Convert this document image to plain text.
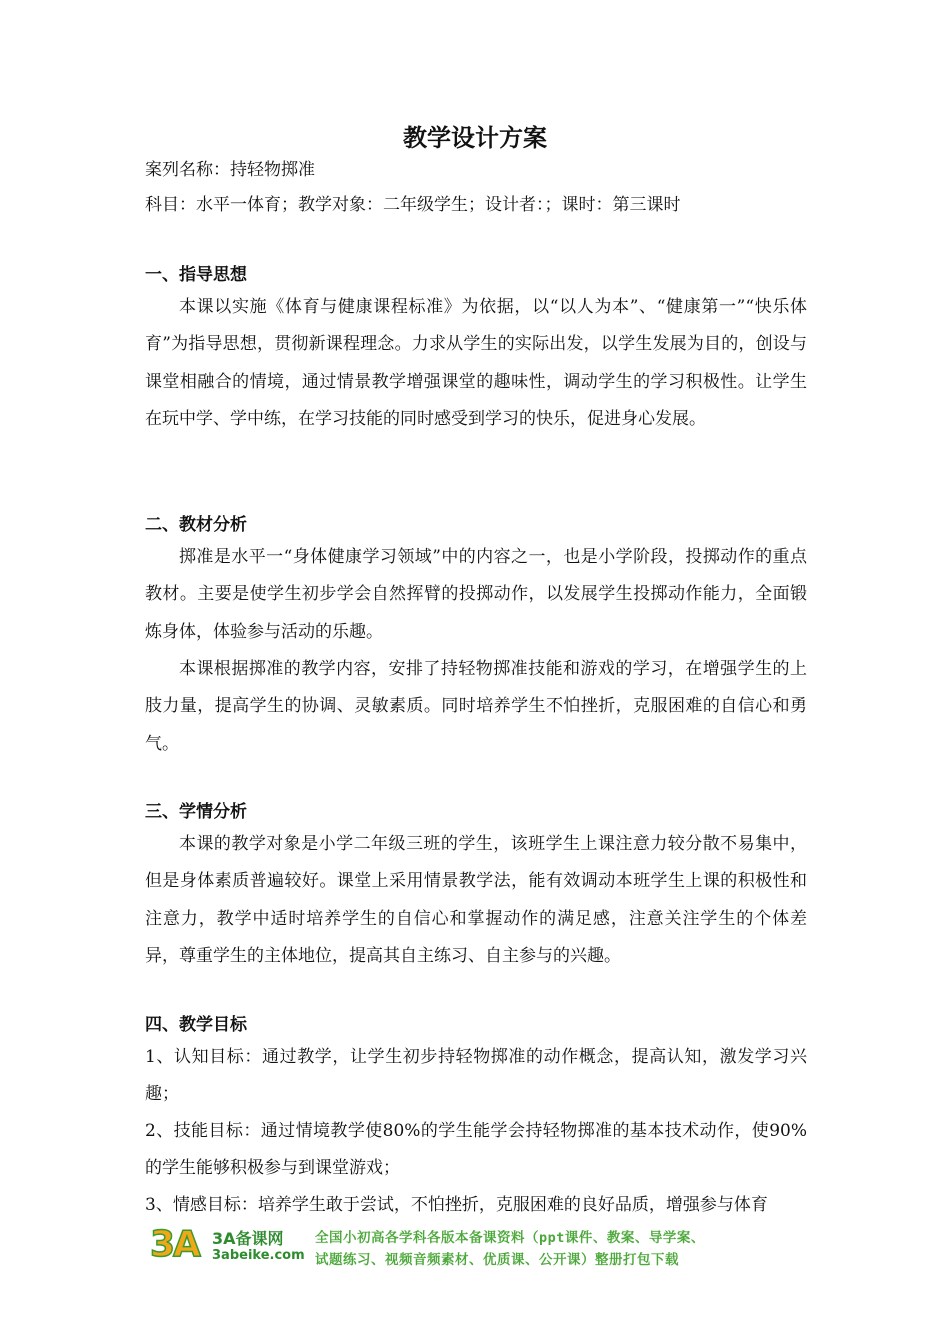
教学设计方案
案列名称：持轻物掷准
科目：水平一体育；教学对象：二年级学生；设计者：；课时：第三课时
一、指导思想
本课以实施《体育与健康课程标准》为依据，以“以人为本”、“健康第一”“快乐体育”为指导思想，贯彻新课程理念。力求从学生的实际出发，以学生发展为目的，创设与课堂相融合的情境，通过情景教学增强课堂的趣味性，调动学生的学习积极性。让学生在玩中学、学中练，在学习技能的同时感受到学习的快乐，促进身心发展。
二、教材分析
掷准是水平一“身体健康学习领域”中的内容之一，也是小学阶段，投掷动作的重点教材。主要是使学生初步学会自然挥臂的投掷动作，以发展学生投掷动作能力，全面锻炼身体，体验参与活动的乐趣。
本课根据掷准的教学内容，安排了持轻物掷准技能和游戏的学习，在增强学生的上肢力量，提高学生的协调、灵敏素质。同时培养学生不怕挫折，克服困难的自信心和勇气。
三、学情分析
本课的教学对象是小学二年级三班的学生，该班学生上课注意力较分散不易集中，但是身体素质普遍较好。课堂上采用情景教学法，能有效调动本班学生上课的积极性和注意力，教学中适时培养学生的自信心和掌握动作的满足感，注意关注学生的个体差异，尊重学生的主体地位，提高其自主练习、自主参与的兴趣。
四、教学目标
1、认知目标：通过教学，让学生初步持轻物掷准的动作概念，提高认知，激发学习兴趣；
2、技能目标：通过情境教学使80%的学生能学会持轻物掷准的基本技术动作，使90%的学生能够积极参与到课堂游戏；
3、情感目标：培养学生敢于尝试，不怕挫折，克服困难的良好品质，增强参与体育
3A 3A备课网
3abeike.com
全国小初高各学科各版本备课资料（ppt课件、教案、导学案、
试题练习、视频音频素材、优质课、公开课）整册打包下载
